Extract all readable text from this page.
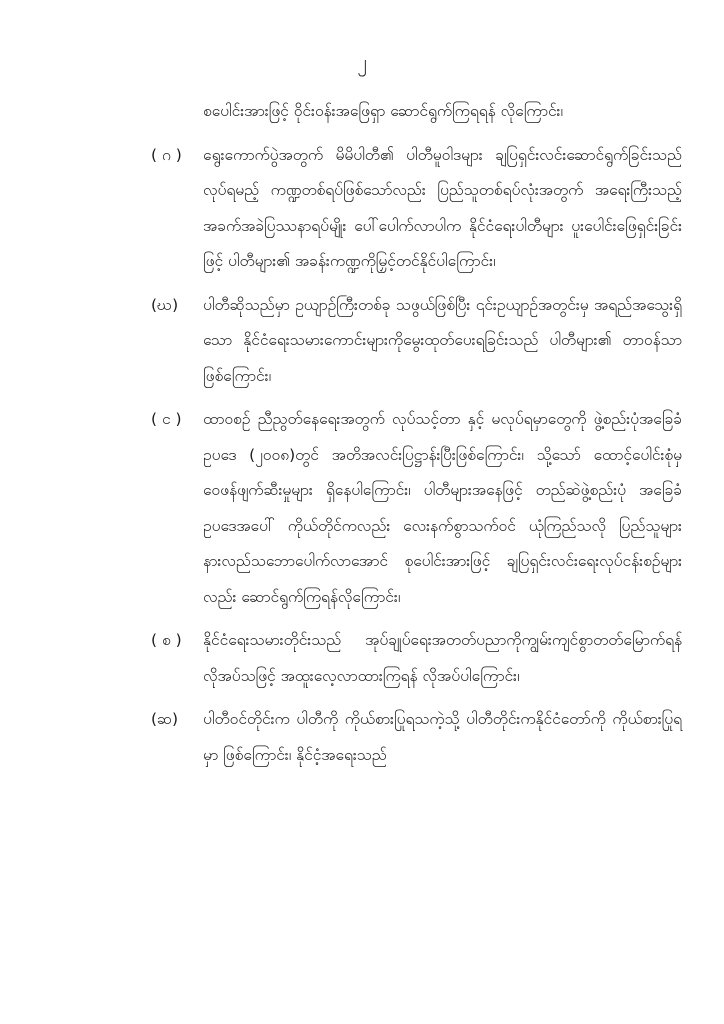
၂

စပေါင်းအားဖြင့် ဝိုင်းဝန်းအဖြေရှာ ဆောင်ရွက်ကြရရန် လိုကြောင်း၊

( ဂ )	ရွေးကောက်ပွဲအတွက် မိမိပါတီ၏ ပါတီမူဝါဒများ ချပြရှင်းလင်းဆောင်ရွက်ခြင်းသည် လုပ်ရမည့် ကဏ္ဍတစ်ရပ်ဖြစ်သော်လည်း ပြည်သူတစ်ရပ်လုံးအတွက် အရေးကြီးသည့်အခက်အခဲပြဿနာရပ်မျိုး ပေါ်ပေါက်လာပါက နိုင်ငံရေးပါတီများ ပူးပေါင်းဖြေရှင်းခြင်းဖြင့် ပါတီများ၏ အခန်းကဏ္ဍကိုမြှင့်တင်နိုင်ပါကြောင်း၊

(ဃ)	ပါတီဆိုသည်မှာ ဥယျာဉ်ကြီးတစ်ခု သဖွယ်ဖြစ်ပြီး ၎င်းဥယျာဉ်အတွင်းမှ အရည်အသွေးရှိသော နိုင်ငံရေးသမားကောင်းများကိုမွေးထုတ်ပေးရခြင်းသည် ပါတီများ၏ တာဝန်သာ ဖြစ်ကြောင်း၊

( င )	ထာဝစဉ် ညီညွတ်နေရေးအတွက် လုပ်သင့်တာ နှင့် မလုပ်ရမှာတွေကို ဖွဲ့စည်းပုံအခြေခံဥပဒေ (၂၀၀၈)တွင် အတိအလင်းပြဋ္ဌာန်းပြီးဖြစ်ကြောင်း၊ သို့သော် ထောင့်ပေါင်းစုံမှ ဝေဖန်ဖျက်ဆီးမှုများ ရှိနေပါကြောင်း၊ ပါတီများအနေဖြင့် တည်ဆဲဖွဲ့စည်းပုံ အခြေခံဥပဒေအပေါ် ကိုယ်တိုင်ကလည်း လေးနက်စွာသက်ဝင် ယုံကြည်သလို ပြည်သူများ နားလည်သဘောပေါက်လာအောင် စုပေါင်းအားဖြင့် ချပြရှင်းလင်းရေးလုပ်ငန်းစဉ်များလည်း ဆောင်ရွက်ကြရန်လိုကြောင်း၊

( စ )	နိုင်ငံရေးသမားတိုင်းသည် အုပ်ချုပ်ရေးအတတ်ပညာကိုကျွမ်းကျင်စွာတတ်မြောက်ရန် လိုအပ်သဖြင့် အထူးလေ့လာထားကြရန် လိုအပ်ပါကြောင်း၊

(ဆ)	ပါတီဝင်တိုင်းက ပါတီကို ကိုယ်စားပြုရသကဲ့သို့ ပါတီတိုင်းကနိုင်ငံတော်ကို ကိုယ်စားပြုရမှာ ဖြစ်ကြောင်း၊ နိုင်ငံ့အရေးသည်
